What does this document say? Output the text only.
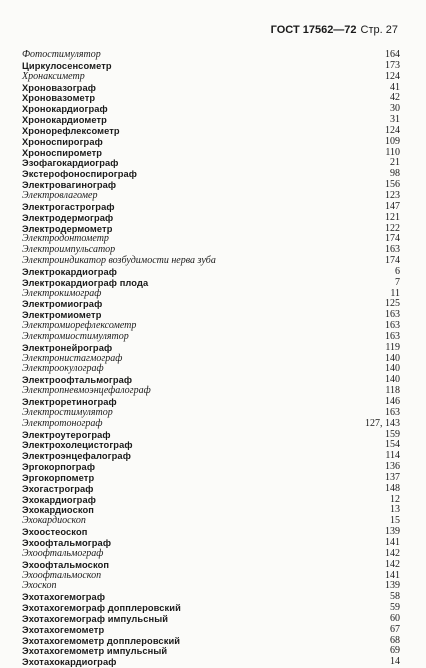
ГОСТ 17562—72 Стр. 27
Фотостимулятор	164
Циркулосенсометр	173
Хронаксиметр	124
Хроновазограф	41
Хроновазометр	42
Хронокардиограф	30
Хронокардиометр	31
Хронорефлексометр	124
Хроноспирограф	109
Хроноспирометр	110
Эзофагокардиограф	21
Экстерофоноспирограф	98
Электровагинограф	156
Электровлагомер	123
Электрогастрограф	147
Электродермограф	121
Электродермометр	122
Электродонтометр	174
Электроимпульсатор	163
Электроиндикатор возбудимости нерва зуба	174
Электрокардиограф	6
Электрокардиограф плода	7
Электрокимограф	11
Электромиограф	125
Электромиометр	163
Электромиорефлексометр	163
Электромиостимулятор	163
Электронейрограф	119
Электронистагмограф	140
Электроокулограф	140
Электроофтальмограф	140
Электропневмоэнцефалограф	118
Электроретинограф	146
Электростимулятор	163
Электротонограф	127, 143
Электроутерограф	159
Электрохолецистограф	154
Электроэнцефалограф	114
Эргокорпограф	136
Эргокорпометр	137
Эхогастрограф	148
Эхокардиограф	12
Эхокардиоскоп	13
Эхокардиоскоп	15
Эхоостеоскоп	139
Эхоофтальмограф	141
Эхоофтальмограф	142
Эхоофтальмоскоп	142
Эхоофтальмоскоп	141
Эхоскоп	139
Эхотахогемограф	58
Эхотахогемограф допплеровский	59
Эхотахогемограф импульсный	60
Эхотахогемометр	67
Эхотахогемометр допплеровский	68
Эхотахогемометр импульсный	69
Эхотахокардиограф	14
